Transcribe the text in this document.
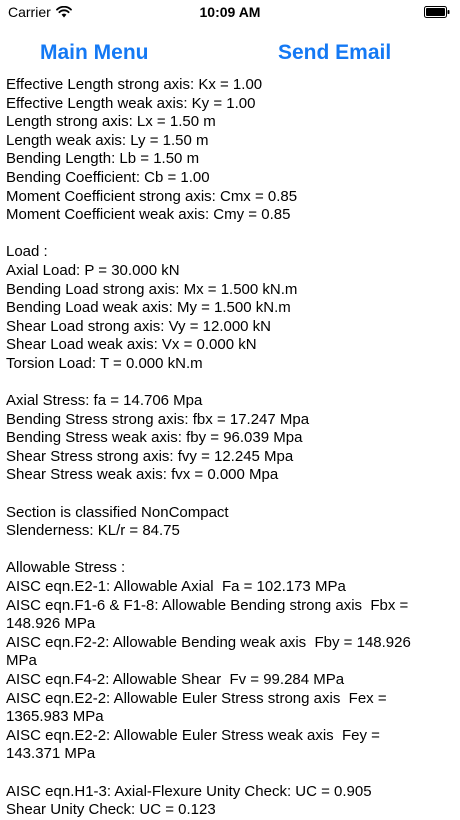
Carrier	10:09 AM
Main Menu	Send Email
Effective Length strong axis: Kx = 1.00
Effective Length weak axis: Ky = 1.00
Length strong axis: Lx = 1.50 m
Length weak axis: Ly = 1.50 m
Bending Length: Lb = 1.50 m
Bending Coefficient: Cb = 1.00
Moment Coefficient strong axis: Cmx = 0.85
Moment Coefficient weak axis: Cmy = 0.85
Load :
Axial Load: P = 30.000 kN
Bending Load strong axis: Mx = 1.500 kN.m
Bending Load weak axis: My = 1.500 kN.m
Shear Load strong axis: Vy = 12.000 kN
Shear Load weak axis: Vx = 0.000 kN
Torsion Load: T = 0.000 kN.m
Axial Stress: fa = 14.706 Mpa
Bending Stress strong axis: fbx = 17.247 Mpa
Bending Stress weak axis: fby = 96.039 Mpa
Shear Stress strong axis: fvy = 12.245 Mpa
Shear Stress weak axis: fvx = 0.000 Mpa
Section is classified NonCompact
Slenderness: KL/r = 84.75
Allowable Stress :
AISC eqn.E2-1: Allowable Axial  Fa = 102.173 MPa
AISC eqn.F1-6 & F1-8: Allowable Bending strong axis  Fbx =
148.926 MPa
AISC eqn.F2-2: Allowable Bending weak axis  Fby = 148.926
MPa
AISC eqn.F4-2: Allowable Shear  Fv = 99.284 MPa
AISC eqn.E2-2: Allowable Euler Stress strong axis  Fex =
1365.983 MPa
AISC eqn.E2-2: Allowable Euler Stress weak axis  Fey =
143.371 MPa
AISC eqn.H1-3: Axial-Flexure Unity Check: UC = 0.905
Shear Unity Check: UC = 0.123
